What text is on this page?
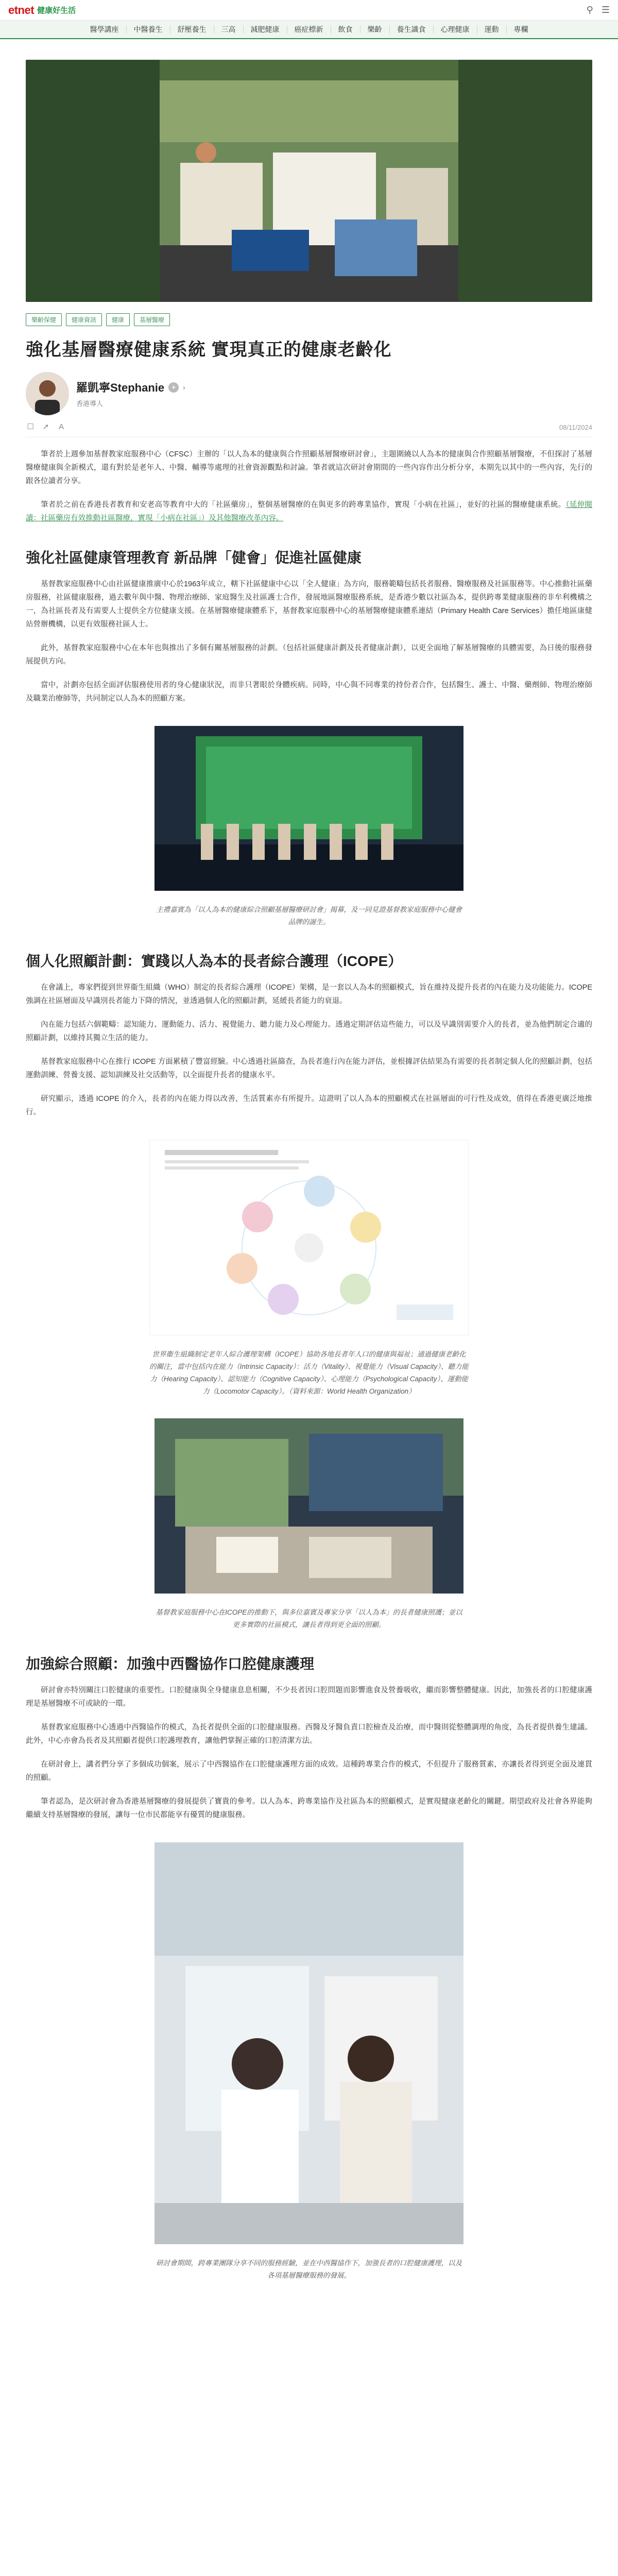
etnet 健康好生活	⚲ ☰
醫學講座	中醫養生	舒壓養生	三高	減肥健康	癌症標新	飲食	樂齡	養生識食	心理健康	運動	專欄
樂齡保健	健康資訊	健康	基層醫療
強化基層醫療健康系統 實現真正的健康老齡化
羅凱寧Stephanie	+	›
香港導人
☐ ➚ A	08/11/2024

筆者於上週參加基督教家庭服務中心（CFSC）主辦的「以人為本的健康與合作照顧基層醫療研討會」，主題圍繞以人為本的健康與合作照顧基層醫療，不但探討了基層醫療健康與全新模式，還有對於是老年人、中醫、輔導等處理的社會資源觀點和討論。筆者就這次研討會期間的一些內容作出分析分享，本期先以其中的一些內容，先行的跟各位讀者分享。

筆者於之前在香港長者教育和安老高等教育中大的「社區藥房」，整個基層醫療的在與更多的跨專業協作，實現「小病在社區」，並好的社區的醫療健康系統。（延伸閱讀：社區藥房有效推動社區醫療，實現「小病在社區」）及其他醫療改革內容。

強化社區健康管理教育 新品牌「健會」促進社區健康

基督教家庭服務中心由社區健康推廣中心於1963年成立，轄下社區健康中心以「全人健康」為方向，服務範疇包括長者服務、醫療服務及社區服務等。中心推動社區藥房服務，社區健康服務，過去數年與中醫、物理治療師、家庭醫生及社區護士合作，發展地區醫療服務系統，是香港少數以社區為本，提供跨專業健康服務的非牟利機構之一，為社區長者及有需要人士提供全方位健康支援。在基層醫療健康體系下，基督教家庭服務中心的基層醫療健康體系連結（Primary Health Care Services）擔任地區康健站營辦機構，以更有效服務社區人士。

此外，基督教家庭服務中心在本年也與推出了多個有關基層服務的計劃。（包括社區健康計劃及長者健康計劃），以更全面地了解基層醫療的具體需要，為日後的服務發展提供方向。

當中，計劃亦包括全面評估服務使用者的身心健康狀況，而非只著眼於身體疾病。同時，中心與不同專業的持份者合作，包括醫生、護士、中醫、藥劑師、物理治療師及職業治療師等，共同制定以人為本的照顧方案。

主禮嘉賓為「以人為本的健康綜合照顧基層醫療研討會」揭幕，及一同見證基督教家庭服務中心健會品牌的誕生。

個人化照顧計劃：實踐以人為本的長者綜合護理（ICOPE）

在會議上，專家們提到世界衞生組織（WHO）制定的長者綜合護理（ICOPE）架構，是一套以人為本的照顧模式，旨在維持及提升長者的內在能力及功能能力。ICOPE 強調在社區層面及早識別長者能力下降的情況，並透過個人化的照顧計劃，延緩長者能力的衰退。

內在能力包括六個範疇：認知能力、運動能力、活力、視覺能力、聽力能力及心理能力。透過定期評估這些能力，可以及早識別需要介入的長者，並為他們制定合適的照顧計劃，以維持其獨立生活的能力。

基督教家庭服務中心在推行 ICOPE 方面累積了豐富經驗。中心透過社區篩查，為長者進行內在能力評估，並根據評估結果為有需要的長者制定個人化的照顧計劃，包括運動訓練、營養支援、認知訓練及社交活動等，以全面提升長者的健康水平。

研究顯示，透過 ICOPE 的介入，長者的內在能力得以改善，生活質素亦有所提升。這證明了以人為本的照顧模式在社區層面的可行性及成效，值得在香港更廣泛地推行。

世界衞生組織制定老年人綜合護理架構（ICOPE）協助各地長者年人口的健康與福祉；通過健康老齡化的關注，當中包括內在能力（Intrinsic Capacity）：活力（Vitality）、視覺能力（Visual Capacity）、聽力能力（Hearing Capacity）、認知能力（Cognitive Capacity）、心理能力（Psychological Capacity）、運動能力（Locomotor Capacity）。（資料來源：World Health Organization）

基督教家庭服務中心在ICOPE的推動下，與多位嘉賓及專家分享「以人為本」的長者健康照護；並以更多實際的社區模式，讓長者得到更全面的照顧。

加強綜合照顧：加強中西醫協作口腔健康護理

研討會亦特別關注口腔健康的重要性。口腔健康與全身健康息息相關，不少長者因口腔問題而影響進食及營養吸收，繼而影響整體健康。因此，加強長者的口腔健康護理是基層醫療不可或缺的一環。

基督教家庭服務中心透過中西醫協作的模式，為長者提供全面的口腔健康服務。西醫及牙醫負責口腔檢查及治療，而中醫則從整體調理的角度，為長者提供養生建議。此外，中心亦會為長者及其照顧者提供口腔護理教育，讓他們掌握正確的口腔清潔方法。

在研討會上，講者們分享了多個成功個案，展示了中西醫協作在口腔健康護理方面的成效。這種跨專業合作的模式，不但提升了服務質素，亦讓長者得到更全面及連貫的照顧。

筆者認為，是次研討會為香港基層醫療的發展提供了寶貴的參考。以人為本、跨專業協作及社區為本的照顧模式，是實現健康老齡化的關鍵。期望政府及社會各界能夠繼續支持基層醫療的發展，讓每一位市民都能享有優質的健康服務。

研討會期間，跨專業團隊分享不同的服務經驗，並在中西醫協作下，加強長者的口腔健康護理，以及各項基層醫療服務的發展。
